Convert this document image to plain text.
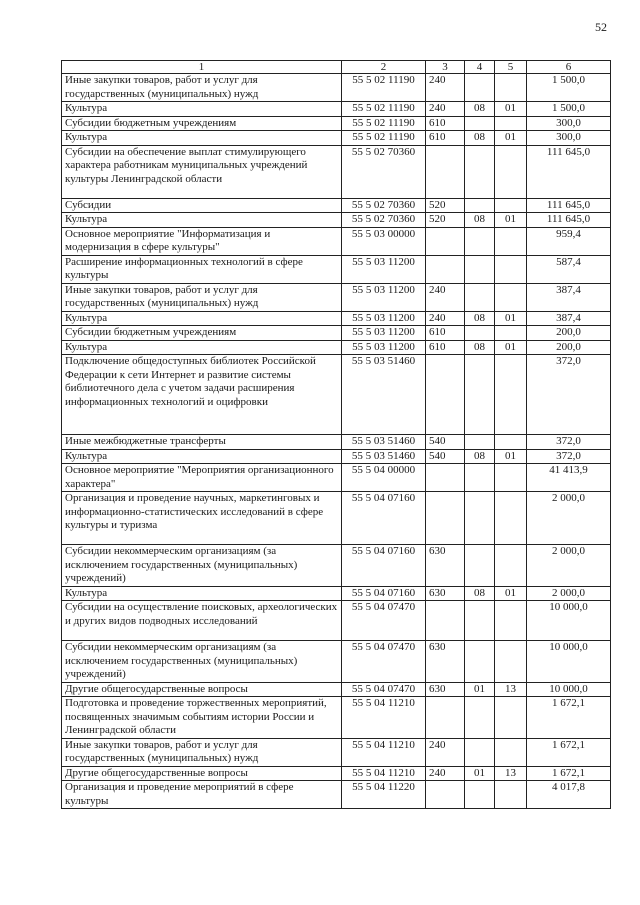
52
1	2	3	4	5	6
Иные закупки товаров, работ и услуг для государственных (муниципальных) нужд	55 5 02 11190	240			1 500,0
Культура	55 5 02 11190	240	08	01	1 500,0
Субсидии бюджетным учреждениям	55 5 02 11190	610			300,0
Культура	55 5 02 11190	610	08	01	300,0
Субсидии на обеспечение выплат стимулирующего характера работникам муниципальных учреждений культуры Ленинградской области	55 5 02 70360				111 645,0
Субсидии	55 5 02 70360	520			111 645,0
Культура	55 5 02 70360	520	08	01	111 645,0
Основное мероприятие "Информатизация и модернизация в сфере культуры"	55 5 03 00000				959,4
Расширение информационных технологий в сфере культуры	55 5 03 11200				587,4
Иные закупки товаров, работ и услуг для государственных (муниципальных) нужд	55 5 03 11200	240			387,4
Культура	55 5 03 11200	240	08	01	387,4
Субсидии бюджетным учреждениям	55 5 03 11200	610			200,0
Культура	55 5 03 11200	610	08	01	200,0
Подключение общедоступных библиотек Российской Федерации к сети Интернет и развитие системы библиотечного дела с учетом задачи расширения информационных технологий и оцифровки	55 5 03 51460				372,0
Иные межбюджетные трансферты	55 5 03 51460	540			372,0
Культура	55 5 03 51460	540	08	01	372,0
Основное мероприятие "Мероприятия организационного характера"	55 5 04 00000				41 413,9
Организация и проведение научных, маркетинговых и информационно-статистических исследований в сфере культуры и туризма	55 5 04 07160				2 000,0
Субсидии некоммерческим организациям (за исключением государственных (муниципальных) учреждений)	55 5 04 07160	630			2 000,0
Культура	55 5 04 07160	630	08	01	2 000,0
Субсидии на осуществление поисковых, археологических и других видов подводных исследований	55 5 04 07470				10 000,0
Субсидии некоммерческим организациям (за исключением государственных (муниципальных) учреждений)	55 5 04 07470	630			10 000,0
Другие общегосударственные вопросы	55 5 04 07470	630	01	13	10 000,0
Подготовка и проведение торжественных мероприятий, посвященных значимым событиям истории России и Ленинградской области	55 5 04 11210				1 672,1
Иные закупки товаров, работ и услуг для государственных (муниципальных) нужд	55 5 04 11210	240			1 672,1
Другие общегосударственные вопросы	55 5 04 11210	240	01	13	1 672,1
Организация и проведение мероприятий в сфере культуры	55 5 04 11220				4 017,8
